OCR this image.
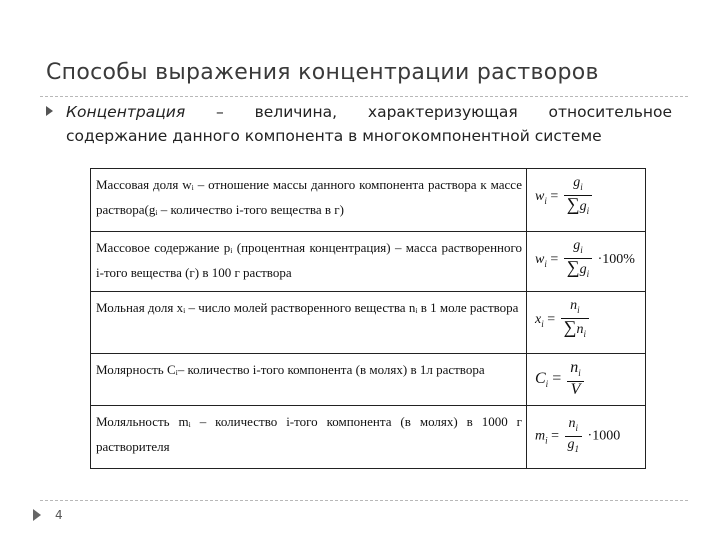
Способы выражения концентрации растворов
Концентрация – величина, характеризующая относительное
содержание данного компонента в многокомпонентной системе
Массовая доля wᵢ – отношение массы данного компонента раствора к массе раствора(gᵢ – количество i-того вещества в г)	$w_i = \frac{g_i}{\sum g_i}$

Массовое содержание pᵢ (процентная концентрация) – масса растворенного i-того вещества (г) в 100 г раствора	$w_i = \frac{g_i}{\sum g_i} \cdot 100\%$

Мольная доля xᵢ – число молей растворенного вещества nᵢ в 1 моле раствора	$x_i = \frac{n_i}{\sum n_i}$

Молярность Cᵢ– количество i-того компонента (в молях) в 1л раствора	$C_i = \frac{n_i}{V}$

Моляльность mᵢ – количество i-того компонента (в молях) в 1000 г растворителя	$m_i = \frac{n_i}{g_1} \cdot 1000$
4
